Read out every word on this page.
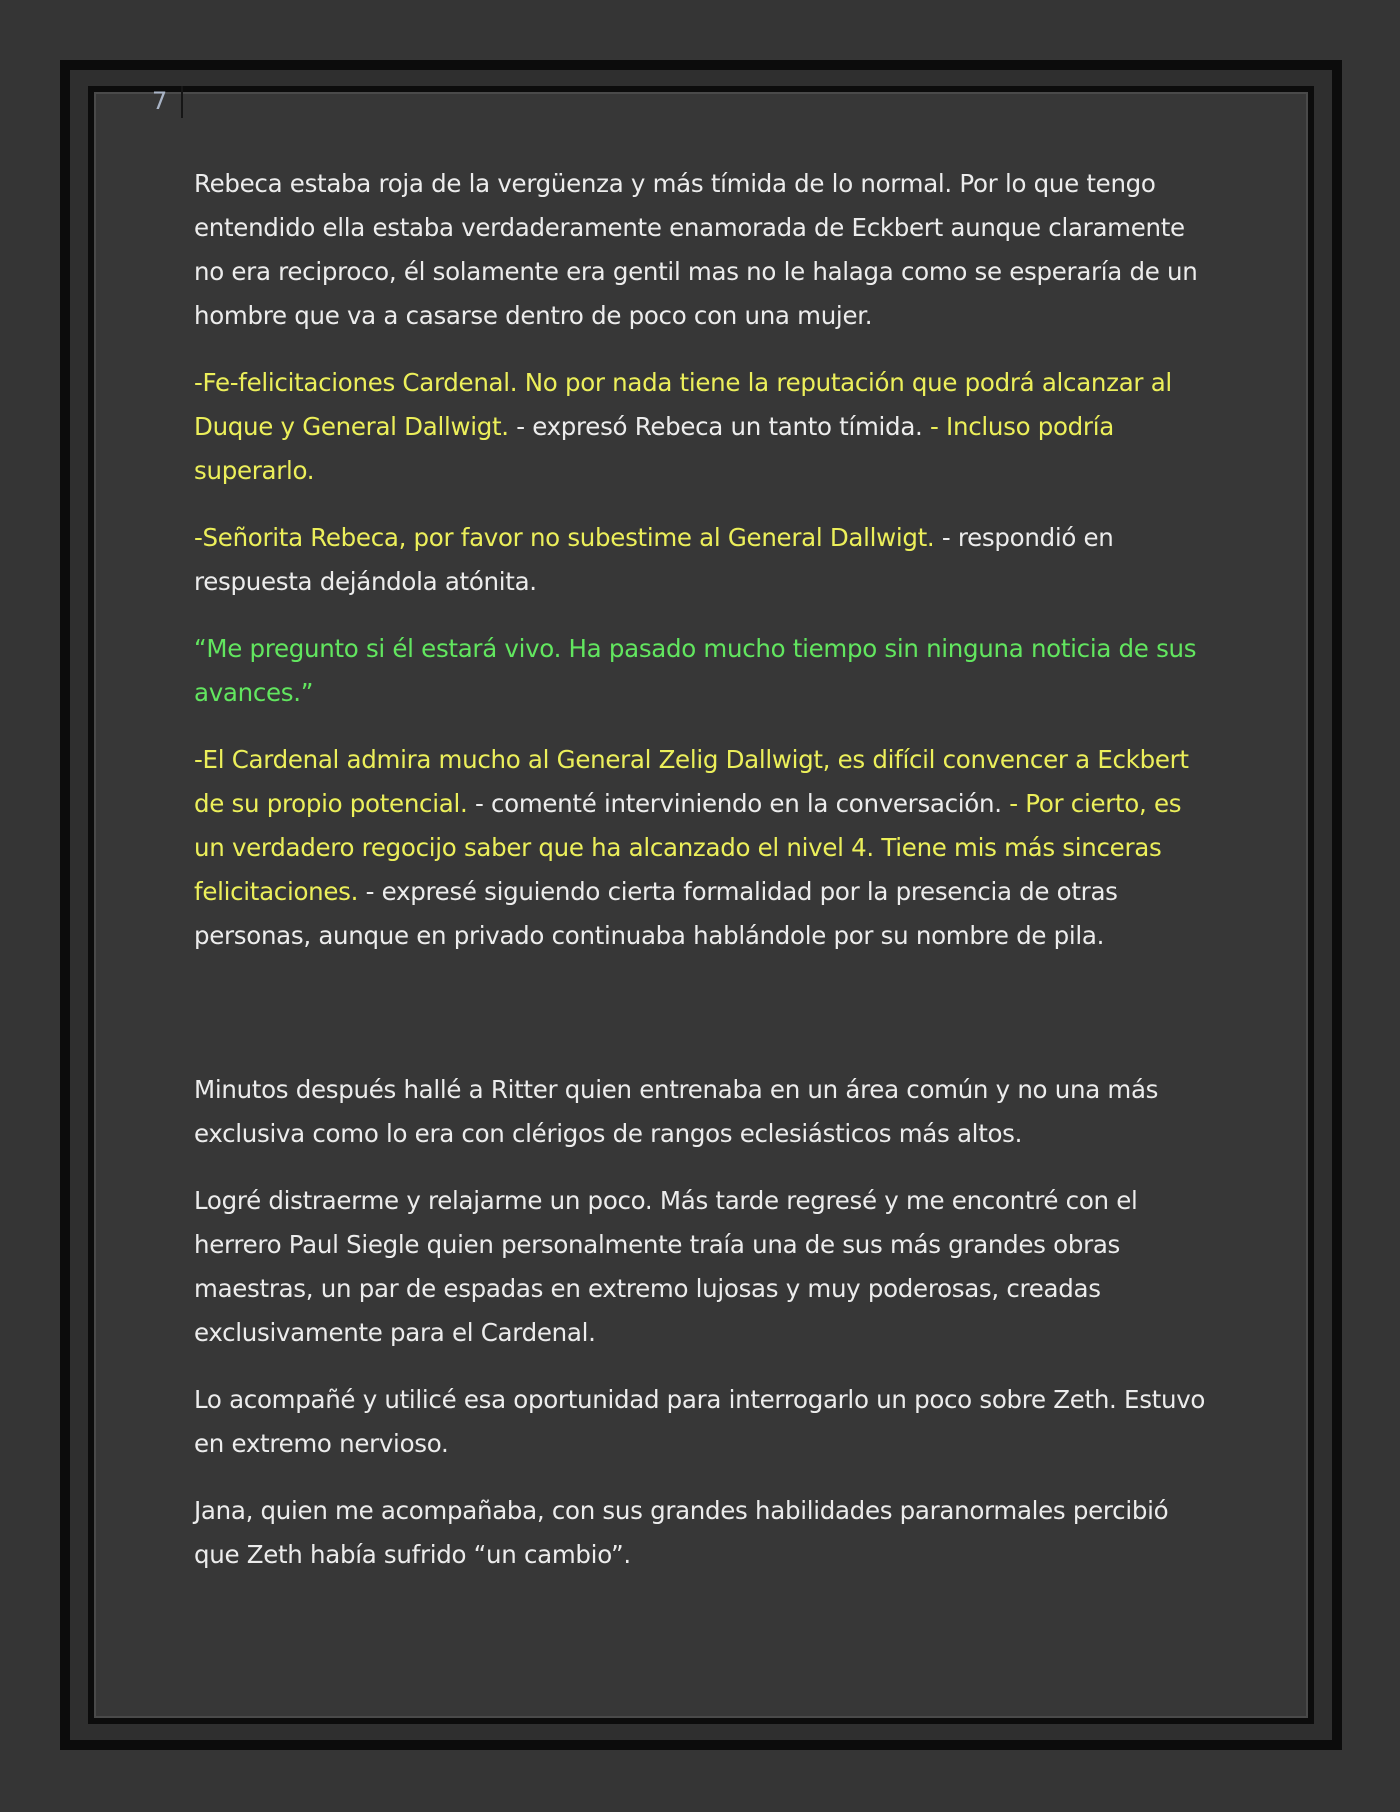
7

Rebeca estaba roja de la vergüenza y más tímida de lo normal. Por lo que tengo entendido ella estaba verdaderamente enamorada de Eckbert aunque claramente no era reciproco, él solamente era gentil mas no le halaga como se esperaría de un hombre que va a casarse dentro de poco con una mujer.

-Fe-felicitaciones Cardenal. No por nada tiene la reputación que podrá alcanzar al Duque y General Dallwigt. - expresó Rebeca un tanto tímida. - Incluso podría superarlo.

-Señorita Rebeca, por favor no subestime al General Dallwigt. - respondió en respuesta dejándola atónita.

“Me pregunto si él estará vivo. Ha pasado mucho tiempo sin ninguna noticia de sus avances.”

-El Cardenal admira mucho al General Zelig Dallwigt, es difícil convencer a Eckbert de su propio potencial. - comenté interviniendo en la conversación. - Por cierto, es un verdadero regocijo saber que ha alcanzado el nivel 4. Tiene mis más sinceras felicitaciones. - expresé siguiendo cierta formalidad por la presencia de otras personas, aunque en privado continuaba hablándole por su nombre de pila.

Minutos después hallé a Ritter quien entrenaba en un área común y no una más exclusiva como lo era con clérigos de rangos eclesiásticos más altos.

Logré distraerme y relajarme un poco. Más tarde regresé y me encontré con el herrero Paul Siegle quien personalmente traía una de sus más grandes obras maestras, un par de espadas en extremo lujosas y muy poderosas, creadas exclusivamente para el Cardenal.

Lo acompañé y utilicé esa oportunidad para interrogarlo un poco sobre Zeth. Estuvo en extremo nervioso.

Jana, quien me acompañaba, con sus grandes habilidades paranormales percibió que Zeth había sufrido “un cambio”.
